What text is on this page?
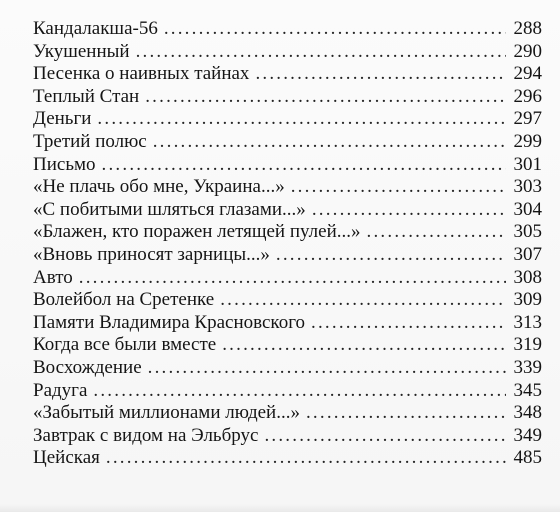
Кандалакша-56 .....	288
Укушенный .....	290
Песенка о наивных тайнах .....	294
Теплый Стан .....	296
Деньги .....	297
Третий полюс .....	299
Письмо .....	301
«Не плачь обо мне, Украина...» .....	303
«С побитыми шляться глазами...» .....	304
«Блажен, кто поражен летящей пулей...» .....	305
«Вновь приносят зарницы...» .....	307
Авто .....	308
Волейбол на Сретенке .....	309
Памяти Владимира Красновского .....	313
Когда все были вместе .....	319
Восхождение .....	339
Радуга .....	345
«Забытый миллионами людей...» .....	348
Завтрак с видом на Эльбрус .....	349
Цейская .....	485
